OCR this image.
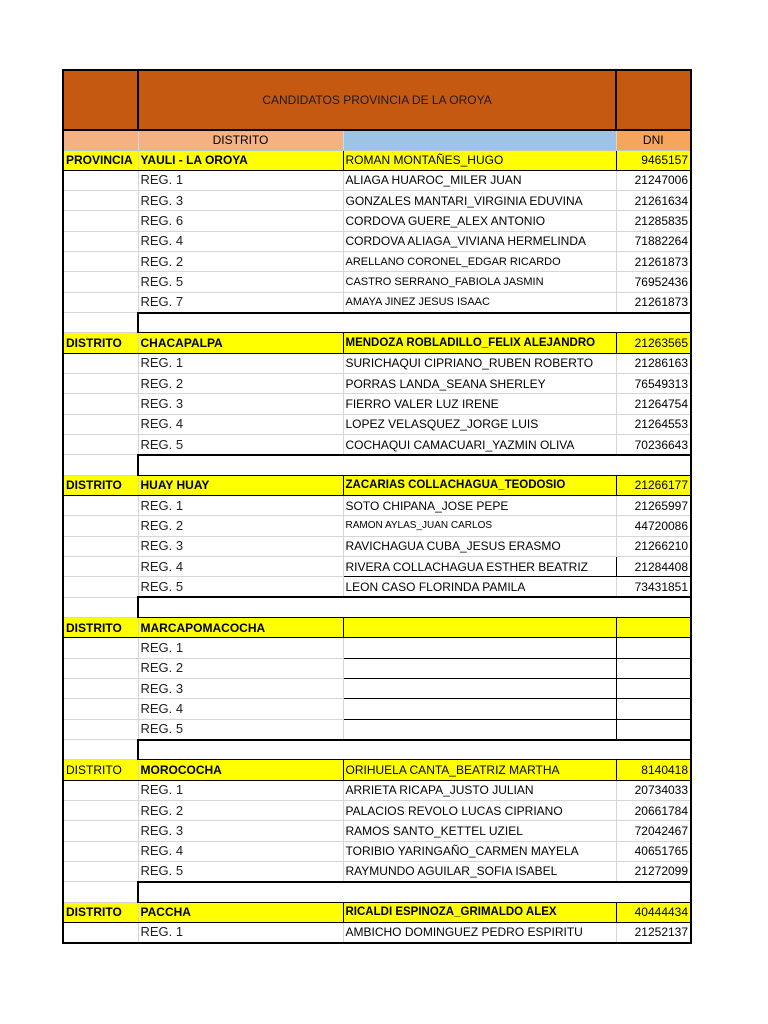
	CANDIDATOS PROVINCIA DE LA OROYA		
	DISTRITO		DNI
PROVINCIA	YAULI - LA OROYA	ROMAN MONTAÑES_HUGO	9465157
	REG. 1	ALIAGA HUAROC_MILER JUAN	21247006
	REG. 3	GONZALES MANTARI_VIRGINIA EDUVINA	21261634
	REG. 6	CORDOVA GUERE_ALEX ANTONIO	21285835
	REG. 4	CORDOVA ALIAGA_VIVIANA HERMELINDA	71882264
	REG. 2	ARELLANO CORONEL_EDGAR RICARDO	21261873
	REG. 5	CASTRO SERRANO_FABIOLA JASMIN	76952436
	REG. 7	AMAYA JINEZ JESUS ISAAC	21261873

DISTRITO	CHACAPALPA	MENDOZA ROBLADILLO_FELIX ALEJANDRO	21263565
	REG. 1	SURICHAQUI CIPRIANO_RUBEN ROBERTO	21286163
	REG. 2	PORRAS LANDA_SEANA SHERLEY	76549313
	REG. 3	FIERRO VALER LUZ IRENE	21264754
	REG. 4	LOPEZ VELASQUEZ_JORGE LUIS	21264553
	REG. 5	COCHAQUI CAMACUARI_YAZMIN OLIVA	70236643

DISTRITO	HUAY HUAY	ZACARIAS COLLACHAGUA_TEODOSIO	21266177
	REG. 1	SOTO CHIPANA_JOSE PEPE	21265997
	REG. 2	RAMON AYLAS_JUAN CARLOS	44720086
	REG. 3	RAVICHAGUA CUBA_JESUS ERASMO	21266210
	REG. 4	RIVERA COLLACHAGUA ESTHER BEATRIZ	21284408
	REG. 5	LEON CASO FLORINDA PAMILA	73431851

DISTRITO	MARCAPOMACOCHA		
	REG. 1		
	REG. 2		
	REG. 3		
	REG. 4		
	REG. 5		

DISTRITO	MOROCOCHA	ORIHUELA CANTA_BEATRIZ MARTHA	8140418
	REG. 1	ARRIETA RICAPA_JUSTO JULIAN	20734033
	REG. 2	PALACIOS REVOLO LUCAS CIPRIANO	20661784
	REG. 3	RAMOS SANTO_KETTEL UZIEL	72042467
	REG. 4	TORIBIO YARINGAÑO_CARMEN MAYELA	40651765
	REG. 5	RAYMUNDO AGUILAR_SOFIA ISABEL	21272099

DISTRITO	PACCHA	RICALDI ESPINOZA_GRIMALDO ALEX	40444434
	REG. 1	AMBICHO DOMINGUEZ PEDRO ESPIRITU	21252137
